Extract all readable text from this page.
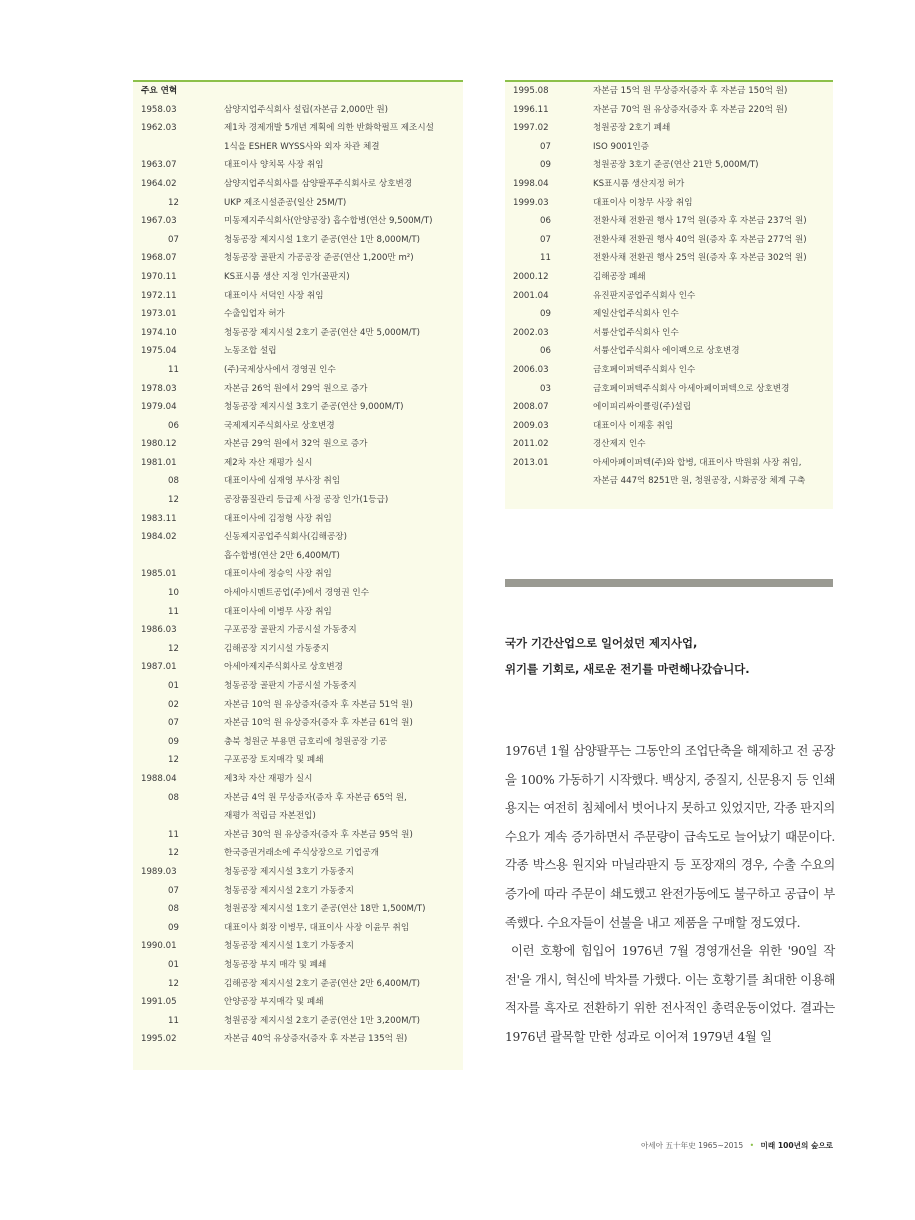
주요 연혁
1958.03	삼양지업주식회사 설립(자본금 2,000만 원)
1962.03	제1차 경제개발 5개년 계획에 의한 반화학펄프 제조시설
1식을 ESHER WYSS사와 외자 차관 체결
1963.07	대표이사 양치목 사장 취임
1964.02	삼양지업주식회사를 삼양팔푸주식회사로 상호변경
12	UKP 제조시설준공(일산 25M/T)
1967.03	미동제지주식회사(안양공장) 흡수합병(연산 9,500M/T)
07	청동공장 제지시설 1호기 준공(연산 1만 8,000M/T)
1968.07	청동공장 골판지 가공공장 준공(연산 1,200만 m²)
1970.11	KS표시품 생산 지정 인가(골판지)
1972.11	대표이사 서덕인 사장 취임
1973.01	수출입업자 허가
1974.10	청동공장 제지시설 2호기 준공(연산 4만 5,000M/T)
1975.04	노동조합 설립
11	(주)국제상사에서 경영권 인수
1978.03	자본금 26억 원에서 29억 원으로 증가
1979.04	청동공장 제지시설 3호기 준공(연산 9,000M/T)
06	국제제지주식회사로 상호변경
1980.12	자본금 29억 원에서 32억 원으로 증가
1981.01	제2차 자산 재평가 실시
08	대표이사에 심재영 부사장 취임
12	공장품질관리 등급제 사정 공장 인가(1등급)
1983.11	대표이사에 김정형 사장 취임
1984.02	신동제지공업주식회사(김해공장)
흡수합병(연산 2만 6,400M/T)
1985.01	대표이사에 정승익 사장 취임
10	아세아시멘트공업(주)에서 경영권 인수
11	대표이사에 이병무 사장 취임
1986.03	구포공장 골판지 가공시설 가동중지
12	김해공장 지기시설 가동중지
1987.01	아세아제지주식회사로 상호변경
01	청동공장 골판지 가공시설 가동중지
02	자본금 10억 원 유상증자(증자 후 자본금 51억 원)
07	자본금 10억 원 유상증자(증자 후 자본금 61억 원)
09	충북 청원군 부용면 금호리에 청원공장 기공
12	구포공장 토지매각 및 폐쇄
1988.04	제3차 자산 재평가 실시
08	자본금 4억 원 무상증자(증자 후 자본금 65억 원,
재평가 적립금 자본전입)
11	자본금 30억 원 유상증자(증자 후 자본금 95억 원)
12	한국증권거래소에 주식상장으로 기업공개
1989.03	청동공장 제지시설 3호기 가동중지
07	청동공장 제지시설 2호기 가동중지
08	청원공장 제지시설 1호기 준공(연산 18만 1,500M/T)
09	대표이사 회장 이병무, 대표이사 사장 이윤무 취임
1990.01	청동공장 제지시설 1호기 가동중지
01	청동공장 부지 매각 및 폐쇄
12	김해공장 제지시설 2호기 준공(연산 2만 6,400M/T)
1991.05	안양공장 부지매각 및 폐쇄
11	청원공장 제지시설 2호기 준공(연산 1만 3,200M/T)
1995.02	자본금 40억 유상증자(증자 후 자본금 135억 원)
1995.08	자본금 15억 원 무상증자(증자 후 자본금 150억 원)
1996.11	자본금 70억 원 유상증자(증자 후 자본금 220억 원)
1997.02	청원공장 2호기 폐쇄
07	ISO 9001인증
09	청원공장 3호기 준공(연산 21만 5,000M/T)
1998.04	KS표시품 생산지정 허가
1999.03	대표이사 이창무 사장 취임
06	전환사채 전환권 행사 17억 원(증자 후 자본금 237억 원)
07	전환사채 전환권 행사 40억 원(증자 후 자본금 277억 원)
11	전환사채 전환권 행사 25억 원(증자 후 자본금 302억 원)
2000.12	김해공장 폐쇄
2001.04	유진판지공업주식회사 인수
09	제일산업주식회사 인수
2002.03	서륭산업주식회사 인수
06	서륭산업주식회사 에이팩으로 상호변경
2006.03	금호페이퍼텍주식회사 인수
03	금호페이퍼텍주식회사 아세아페이퍼텍으로 상호변경
2008.07	에이피리싸이클링(주)설립
2009.03	대표이사 이재홍 취임
2011.02	경산제지 인수
2013.01	아세아페이퍼텍(주)와 합병, 대표이사 박원휘 사장 취임,
자본금 447억 8251만 원, 청원공장, 시화공장 체계 구축
국가 기간산업으로 일어섰던 제지사업,
위기를 기회로, 새로운 전기를 마련해나갔습니다.

1976년 1월 삼양팔푸는 그동안의 조업단축을 해제하고 전 공장을 100% 가동하기 시작했다. 백상지, 중질지, 신문용지 등 인쇄용지는 여전히 침체에서 벗어나지 못하고 있었지만, 각종 판지의 수요가 계속 증가하면서 주문량이 급속도로 늘어났기 때문이다. 각종 박스용 원지와 마닐라판지 등 포장재의 경우, 수출 수요의 증가에 따라 주문이 쇄도했고 완전가동에도 불구하고 공급이 부족했다. 수요자들이 선불을 내고 제품을 구매할 정도였다.

이런 호황에 힘입어 1976년 7월 경영개선을 위한 '90일 작전'을 개시, 혁신에 박차를 가했다. 이는 호황기를 최대한 이용해 적자를 흑자로 전환하기 위한 전사적인 총력운동이었다. 결과는 1976년 괄목할 만한 성과로 이어져 1979년 4월 일

아세아 五十年史 1965~2015 • 미래 100년의 숲으로
